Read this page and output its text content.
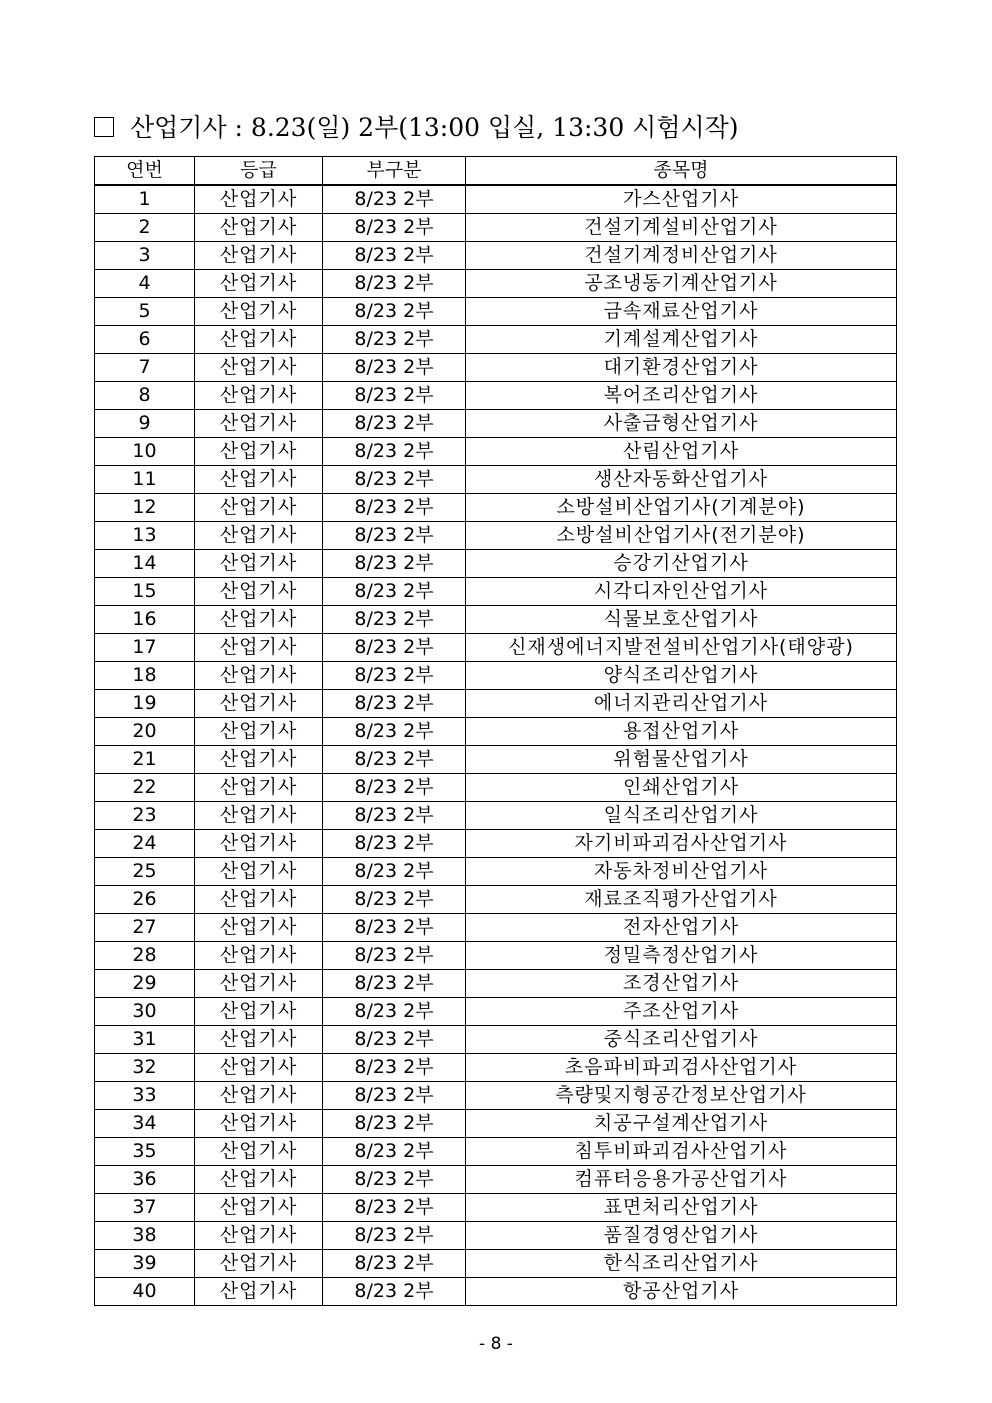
산업기사 : 8.23(일) 2부(13:00 입실, 13:30 시험시작)
연번	등급	부구분	종목명
1	산업기사	8/23 2부	가스산업기사
2	산업기사	8/23 2부	건설기계설비산업기사
3	산업기사	8/23 2부	건설기계정비산업기사
4	산업기사	8/23 2부	공조냉동기계산업기사
5	산업기사	8/23 2부	금속재료산업기사
6	산업기사	8/23 2부	기계설계산업기사
7	산업기사	8/23 2부	대기환경산업기사
8	산업기사	8/23 2부	복어조리산업기사
9	산업기사	8/23 2부	사출금형산업기사
10	산업기사	8/23 2부	산림산업기사
11	산업기사	8/23 2부	생산자동화산업기사
12	산업기사	8/23 2부	소방설비산업기사(기계분야)
13	산업기사	8/23 2부	소방설비산업기사(전기분야)
14	산업기사	8/23 2부	승강기산업기사
15	산업기사	8/23 2부	시각디자인산업기사
16	산업기사	8/23 2부	식물보호산업기사
17	산업기사	8/23 2부	신재생에너지발전설비산업기사(태양광)
18	산업기사	8/23 2부	양식조리산업기사
19	산업기사	8/23 2부	에너지관리산업기사
20	산업기사	8/23 2부	용접산업기사
21	산업기사	8/23 2부	위험물산업기사
22	산업기사	8/23 2부	인쇄산업기사
23	산업기사	8/23 2부	일식조리산업기사
24	산업기사	8/23 2부	자기비파괴검사산업기사
25	산업기사	8/23 2부	자동차정비산업기사
26	산업기사	8/23 2부	재료조직평가산업기사
27	산업기사	8/23 2부	전자산업기사
28	산업기사	8/23 2부	정밀측정산업기사
29	산업기사	8/23 2부	조경산업기사
30	산업기사	8/23 2부	주조산업기사
31	산업기사	8/23 2부	중식조리산업기사
32	산업기사	8/23 2부	초음파비파괴검사산업기사
33	산업기사	8/23 2부	측량및지형공간정보산업기사
34	산업기사	8/23 2부	치공구설계산업기사
35	산업기사	8/23 2부	침투비파괴검사산업기사
36	산업기사	8/23 2부	컴퓨터응용가공산업기사
37	산업기사	8/23 2부	표면처리산업기사
38	산업기사	8/23 2부	품질경영산업기사
39	산업기사	8/23 2부	한식조리산업기사
40	산업기사	8/23 2부	항공산업기사
- 8 -
